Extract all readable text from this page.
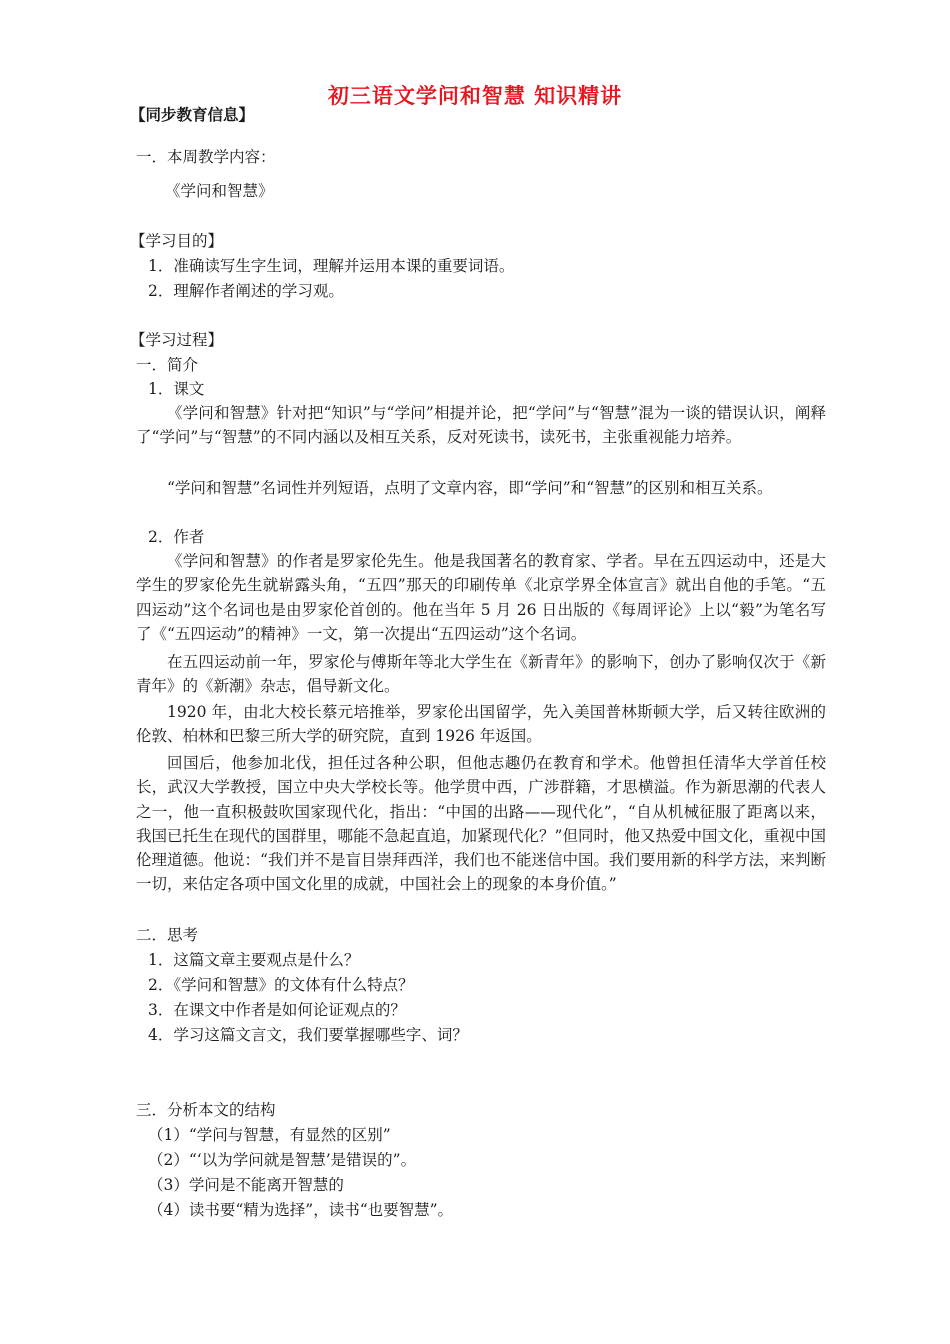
初三语文学问和智慧 知识精讲
【同步教育信息】
一．本周教学内容：
《学问和智慧》
【学习目的】
1．准确读写生字生词，理解并运用本课的重要词语。
2．理解作者阐述的学习观。
【学习过程】
一．简介
1．课文

《学问和智慧》针对把“知识”与“学问”相提并论，把“学问”与“智慧”混为一谈的错误认识，阐释了“学问”与“智慧”的不同内涵以及相互关系，反对死读书，读死书，主张重视能力培养。

“学问和智慧”名词性并列短语，点明了文章内容，即“学问”和“智慧”的区别和相互关系。

2．作者

《学问和智慧》的作者是罗家伦先生。他是我国著名的教育家、学者。早在五四运动中，还是大学生的罗家伦先生就崭露头角，“五四”那天的印刷传单《北京学界全体宣言》就出自他的手笔。“五四运动”这个名词也是由罗家伦首创的。他在当年 5 月 26 日出版的《每周评论》上以“毅”为笔名写了《“五四运动”的精神》一文，第一次提出“五四运动”这个名词。

在五四运动前一年，罗家伦与傅斯年等北大学生在《新青年》的影响下，创办了影响仅次于《新青年》的《新潮》杂志，倡导新文化。

1920 年，由北大校长蔡元培推举，罗家伦出国留学，先入美国普林斯顿大学，后又转往欧洲的伦敦、柏林和巴黎三所大学的研究院，直到 1926 年返国。

回国后，他参加北伐，担任过各种公职，但他志趣仍在教育和学术。他曾担任清华大学首任校长，武汉大学教授，国立中央大学校长等。他学贯中西，广涉群籍，才思横溢。作为新思潮的代表人之一，他一直积极鼓吹国家现代化，指出：“中国的出路——现代化”，“自从机械征服了距离以来，我国已托生在现代的国群里，哪能不急起直追，加紧现代化？”但同时，他又热爱中国文化，重视中国伦理道德。他说：“我们并不是盲目崇拜西洋，我们也不能迷信中国。我们要用新的科学方法，来判断一切，来估定各项中国文化里的成就，中国社会上的现象的本身价值。”

二．思考
1．这篇文章主要观点是什么？
2．《学问和智慧》的文体有什么特点？
3．在课文中作者是如何论证观点的？
4．学习这篇文言文，我们要掌握哪些字、词？
三．分析本文的结构
（1）“学问与智慧，有显然的区别”
（2）“‘以为学问就是智慧’是错误的”。
（3）学问是不能离开智慧的
（4）读书要“精为选择”，读书“也要智慧”。
